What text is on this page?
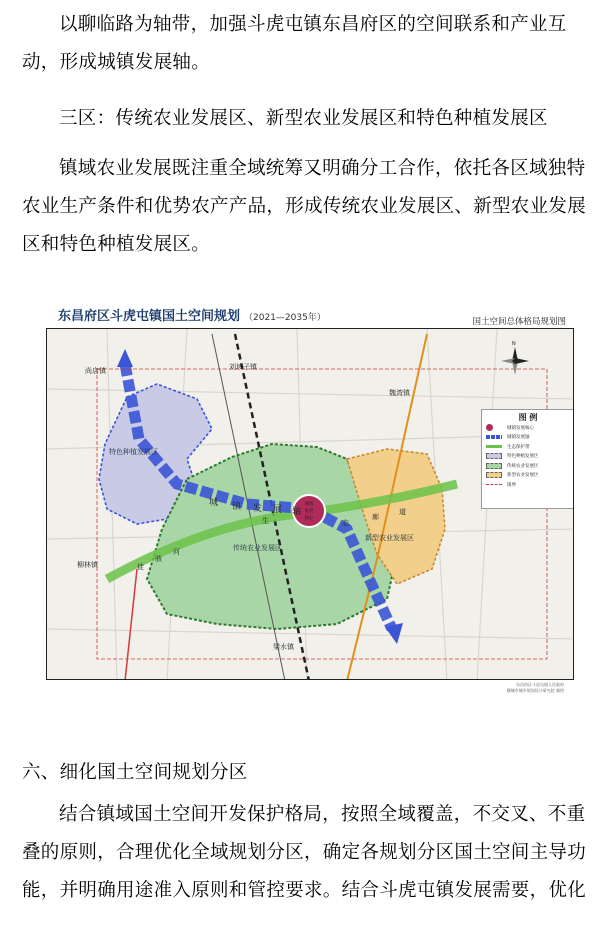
以聊临路为轴带，加强斗虎屯镇东昌府区的空间联系和产业互动，形成城镇发展轴。
三区：传统农业发展区、新型农业发展区和特色种植发展区
镇域农业发展既注重全域统筹又明确分工合作，依托各区域独特农业生产条件和优势农产产品，形成传统农业发展区、新型农业发展区和特色种植发展区。
东昌府区斗虎屯镇国土空间规划 （2021—2035年）	国土空间总体格局规划图
城镇
发展
核心
城 镇 发 展 轴
徒
骇
河
生	态
廊
道
特色种植发展区
传统农业发展区
新型农业发展区
尚店镇	刘垓子镇
魏湾镇
柳林镇
梁水镇
N
图 例
城镇发展核心
城镇发展轴
生态保护带
特色种植发展区
传统农业发展区
新型农业发展区
镇界
东昌府区斗虎屯镇人民政府
聊城市城乡规划设计研究院 制图
六、细化国土空间规划分区
结合镇域国土空间开发保护格局，按照全域覆盖，不交叉、不重叠的原则，合理优化全域规划分区，确定各规划分区国土空间主导功能，并明确用途准入原则和管控要求。结合斗虎屯镇发展需要，优化
